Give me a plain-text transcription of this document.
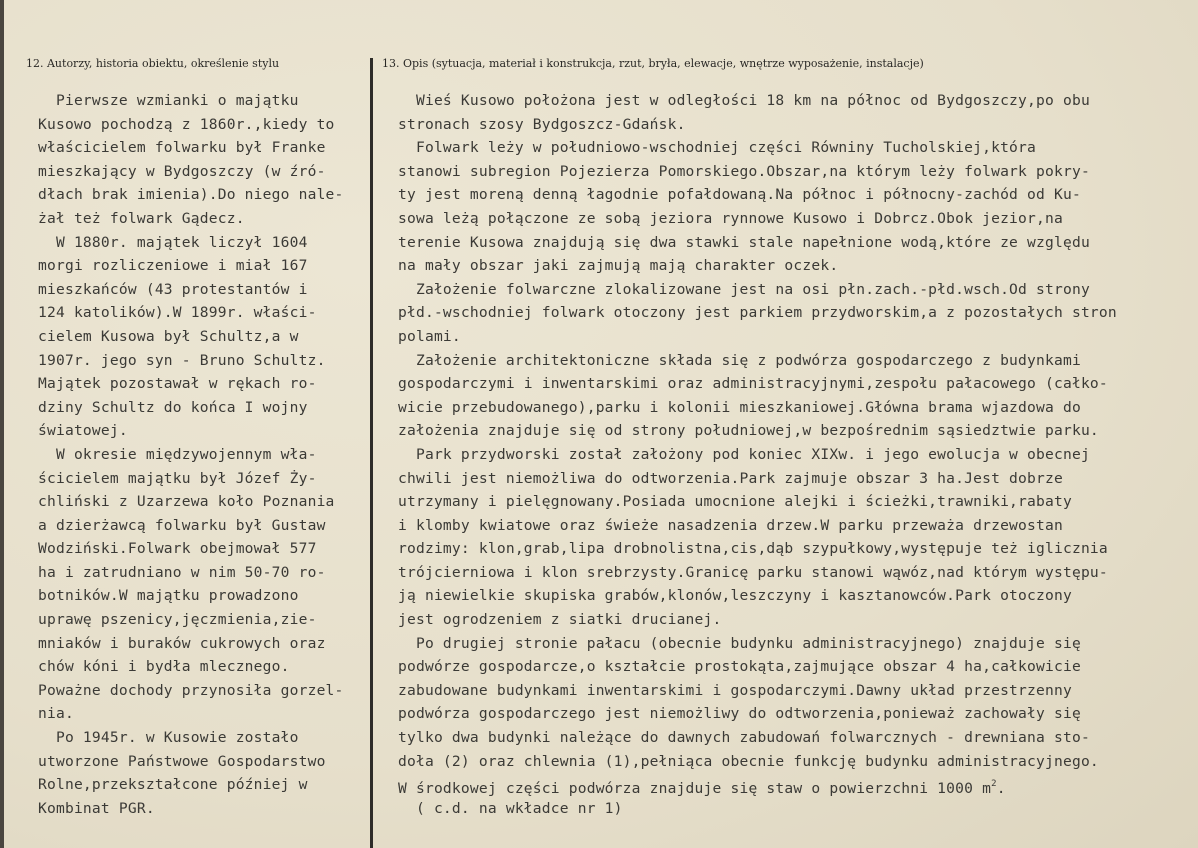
12. Autorzy, historia obiektu, określenie stylu	13. Opis (sytuacja, materiał i konstrukcja, rzut, bryła, elewacje, wnętrze wyposażenie, instalacje)
Pierwsze wzmianki o majątku
Kusowo pochodzą z 1860r.,kiedy to
właścicielem folwarku był Franke
mieszkający w Bydgoszczy (w źró-
dłach brak imienia).Do niego nale-
żał też folwark Gądecz.
W 1880r. majątek liczył 1604
morgi rozliczeniowe i miał 167
mieszkańców (43 protestantów i
124 katolików).W 1899r. właści-
cielem Kusowa był Schultz,a w
1907r. jego syn - Bruno Schultz.
Majątek pozostawał w rękach ro-
dziny Schultz do końca I wojny
światowej.
W okresie międzywojennym wła-
ścicielem majątku był Józef Ży-
chliński z Uzarzewa koło Poznania
a dzierżawcą folwarku był Gustaw
Wodziński.Folwark obejmował 577
ha i zatrudniano w nim 50-70 ro-
botników.W majątku prowadzono
uprawę pszenicy,jęczmienia,zie-
mniaków i buraków cukrowych oraz
chów kóni i bydła mlecznego.
Poważne dochody przynosiła gorzel-
nia.
Po 1945r. w Kusowie zostało
utworzone Państwowe Gospodarstwo
Rolne,przekształcone później w
Kombinat PGR.
Wieś Kusowo położona jest w odległości 18 km na północ od Bydgoszczy,po obu
stronach szosy Bydgoszcz-Gdańsk.
Folwark leży w południowo-wschodniej części Równiny Tucholskiej,która
stanowi subregion Pojezierza Pomorskiego.Obszar,na którym leży folwark pokry-
ty jest moreną denną łagodnie pofałdowaną.Na północ i północny-zachód od Ku-
sowa leżą połączone ze sobą jeziora rynnowe Kusowo i Dobrcz.Obok jezior,na
terenie Kusowa znajdują się dwa stawki stale napełnione wodą,które ze względu
na mały obszar jaki zajmują mają charakter oczek.
Założenie folwarczne zlokalizowane jest na osi płn.zach.-płd.wsch.Od strony
płd.-wschodniej folwark otoczony jest parkiem przydworskim,a z pozostałych stron
polami.
Założenie architektoniczne składa się z podwórza gospodarczego z budynkami
gospodarczymi i inwentarskimi oraz administracyjnymi,zespołu pałacowego (całko-
wicie przebudowanego),parku i kolonii mieszkaniowej.Główna brama wjazdowa do
założenia znajduje się od strony południowej,w bezpośrednim sąsiedztwie parku.
Park przydworski został założony pod koniec XIXw. i jego ewolucja w obecnej
chwili jest niemożliwa do odtworzenia.Park zajmuje obszar 3 ha.Jest dobrze
utrzymany i pielęgnowany.Posiada umocnione alejki i ścieżki,trawniki,rabaty
i klomby kwiatowe oraz świeże nasadzenia drzew.W parku przeważa drzewostan
rodzimy: klon,grab,lipa drobnolistna,cis,dąb szypułkowy,występuje też iglicznia
trójcierniowa i klon srebrzysty.Granicę parku stanowi wąwóz,nad którym występu-
ją niewielkie skupiska grabów,klonów,leszczyny i kasztanowców.Park otoczony
jest ogrodzeniem z siatki drucianej.
Po drugiej stronie pałacu (obecnie budynku administracyjnego) znajduje się
podwórze gospodarcze,o kształcie prostokąta,zajmujące obszar 4 ha,całkowicie
zabudowane budynkami inwentarskimi i gospodarczymi.Dawny układ przestrzenny
podwórza gospodarczego jest niemożliwy do odtworzenia,ponieważ zachowały się
tylko dwa budynki należące do dawnych zabudowań folwarcznych - drewniana sto-
doła (2) oraz chlewnia (1),pełniąca obecnie funkcję budynku administracyjnego.
W środkowej części podwórza znajduje się staw o powierzchni 1000 $m^2$.
( c.d. na wkładce nr 1)
